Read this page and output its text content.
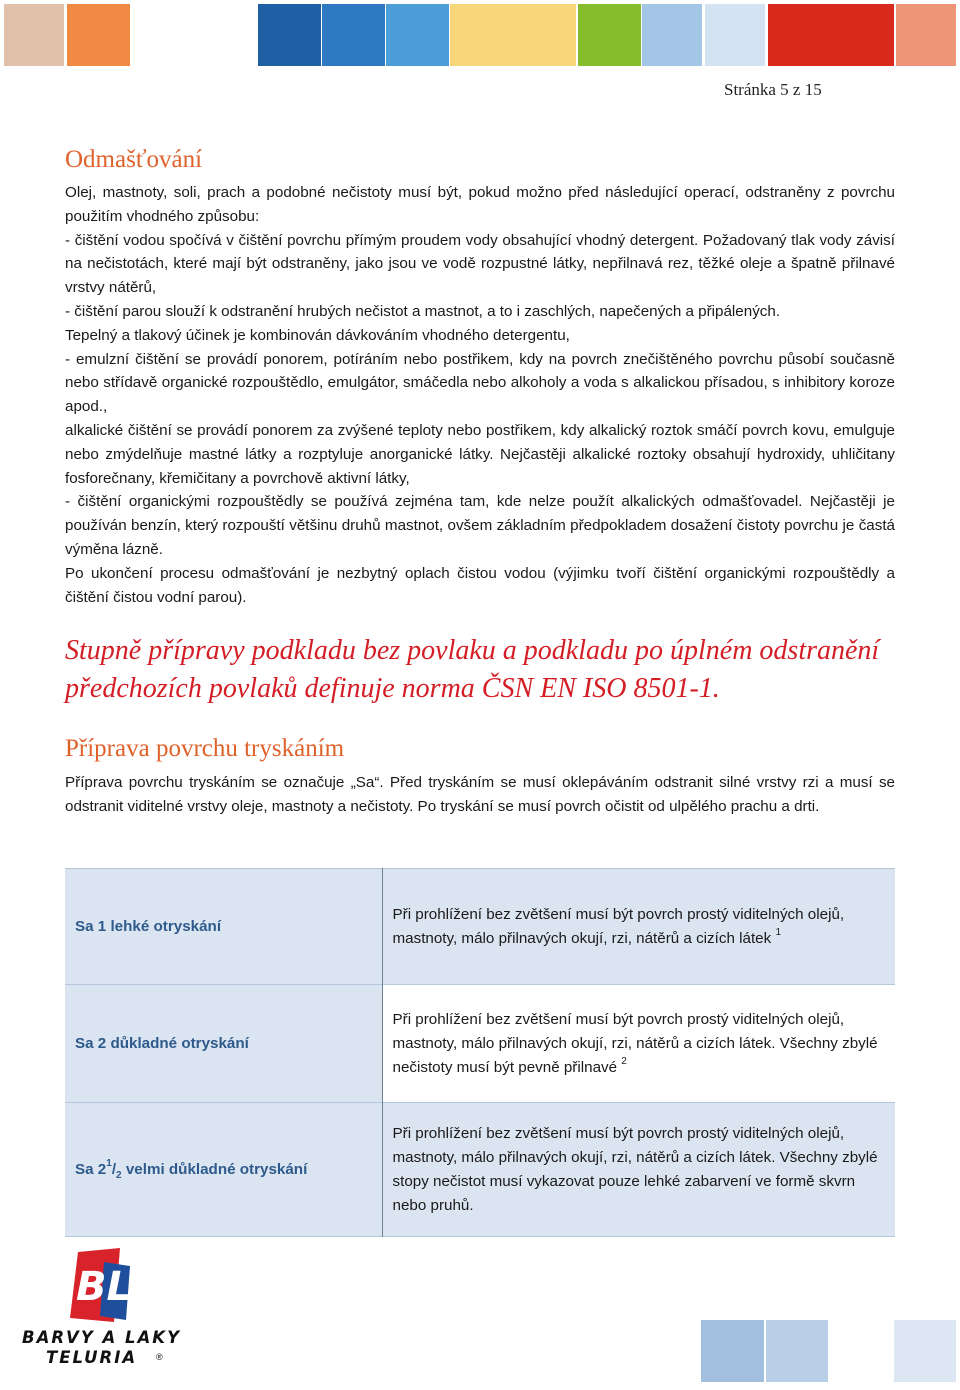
Stránka 5 z 15
Odmašťování

Olej, mastnoty, soli, prach a podobné nečistoty musí být, pokud možno před následující operací, odstraněny z povrchu použitím vhodného způsobu:

- čištění vodou spočívá v čištění povrchu přímým proudem vody obsahující vhodný detergent. Požadovaný tlak vody závisí na nečistotách, které mají být odstraněny, jako jsou ve vodě rozpustné látky, nepřilnavá rez, těžké oleje a špatně přilnavé vrstvy nátěrů,

- čištění parou slouží k odstranění hrubých nečistot a mastnot, a to i zaschlých, napečených a připálených.

Tepelný a tlakový účinek je kombinován dávkováním vhodného detergentu,

- emulzní čištění se provádí ponorem, potíráním nebo postřikem, kdy na povrch znečištěného povrchu působí současně nebo střídavě organické rozpouštědlo, emulgátor, smáčedla nebo alkoholy a voda s alkalickou přísadou, s inhibitory koroze apod.,

alkalické čištění se provádí ponorem za zvýšené teploty nebo postřikem, kdy alkalický roztok smáčí povrch kovu, emulguje nebo zmýdelňuje mastné látky a rozptyluje anorganické látky. Nejčastěji alkalické roztoky obsahují hydroxidy, uhličitany fosforečnany, křemičitany a povrchově aktivní látky,

- čištění organickými rozpouštědly se používá zejména tam, kde nelze použít alkalických odmašťovadel. Nejčastěji je používán benzín, který rozpouští většinu druhů mastnot, ovšem základním předpokladem dosažení čistoty povrchu je častá výměna lázně.

Po ukončení procesu odmašťování je nezbytný oplach čistou vodou (výjimku tvoří čištění organickými rozpouštědly a čištění čistou vodní parou).

Stupně přípravy podkladu bez povlaku a podkladu po úplném odstranění předchozích povlaků definuje norma ČSN EN ISO 8501-1.
Příprava povrchu tryskáním

Příprava povrchu tryskáním se označuje „Sa“. Před tryskáním se musí oklepáváním odstranit silné vrstvy rzi a musí se odstranit viditelné vrstvy oleje, mastnoty a nečistoty. Po tryskání se musí povrch očistit od ulpělého prachu a drti.

Sa 1 lehké otryskání	Při prohlížení bez zvětšení musí být povrch prostý viditelných olejů, mastnoty, málo přilnavých okují, rzi, nátěrů a cizích látek $^1$
Sa 2 důkladné otryskání	Při prohlížení bez zvětšení musí být povrch prostý viditelných olejů, mastnoty, málo přilnavých okují, rzi, nátěrů a cizích látek. Všechny zbylé nečistoty musí být pevně přilnavé $^2$
Sa $2^1/_2$ velmi důkladné otryskání	Při prohlížení bez zvětšení musí být povrch prostý viditelných olejů, mastnoty, málo přilnavých okují, rzi, nátěrů a cizích látek. Všechny zbylé stopy nečistot musí vykazovat pouze lehké zabarvení ve formě skvrn nebo pruhů.
BL
BARVY A LAKY
TELURIA ®
